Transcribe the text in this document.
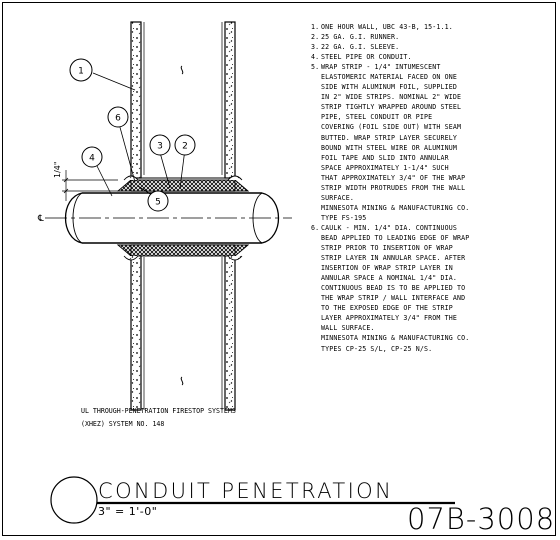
℄
1/4"
1
6
4
3 2
5
1. ONE HOUR WALL, UBC 43-B, 15-1.1.
2. 25 GA. G.I. RUNNER.
3. 22 GA. G.I. SLEEVE.
4. STEEL PIPE OR CONDUIT.
5. WRAP STRIP - 1/4" INTUMESCENT
ELASTOMERIC MATERIAL FACED ON ONE
SIDE WITH ALUMINUM FOIL, SUPPLIED
IN 2" WIDE STRIPS. NOMINAL 2" WIDE
STRIP TIGHTLY WRAPPED AROUND STEEL
PIPE, STEEL CONDUIT OR PIPE
COVERING (FOIL SIDE OUT) WITH SEAM
BUTTED. WRAP STRIP LAYER SECURELY
BOUND WITH STEEL WIRE OR ALUMINUM
FOIL TAPE AND SLID INTO ANNULAR
SPACE APPROXIMATELY 1-1/4" SUCH
THAT APPROXIMATELY 3/4" OF THE WRAP
STRIP WIDTH PROTRUDES FROM THE WALL
SURFACE.
MINNESOTA MINING & MANUFACTURING CO.
TYPE FS-195
6. CAULK - MIN. 1/4" DIA. CONTINUOUS
BEAD APPLIED TO LEADING EDGE OF WRAP
STRIP PRIOR TO INSERTION OF WRAP
STRIP LAYER IN ANNULAR SPACE. AFTER
INSERTION OF WRAP STRIP LAYER IN
ANNULAR SPACE A NOMINAL 1/4" DIA.
CONTINUOUS BEAD IS TO BE APPLIED TO
THE WRAP STRIP / WALL INTERFACE AND
TO THE EXPOSED EDGE OF THE STRIP
LAYER APPROXIMATELY 3/4" FROM THE
WALL SURFACE.
MINNESOTA MINING & MANUFACTURING CO.
TYPES CP-25 S/L, CP-25 N/S.
UL THROUGH-PENETRATION FIRESTOP SYSTEMS
(XHEZ) SYSTEM NO. 148
CONDUIT PENETRATION
3" = 1'-0"	07B-3008
